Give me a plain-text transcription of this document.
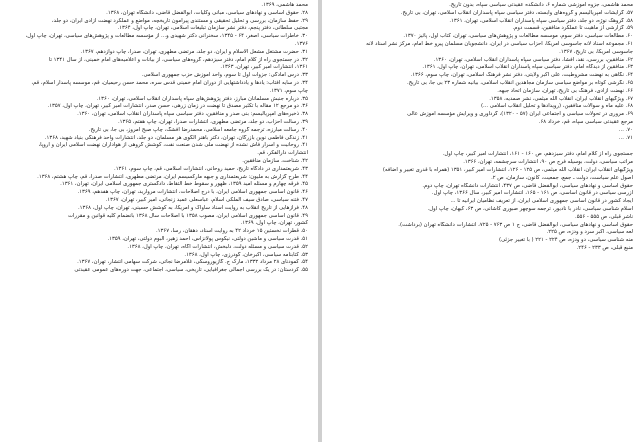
محمد هاشمی، ۱۳۶۹.
۲۸. حقوق اساسی و نهادهای سیاسی، مبانی وکلیات، ابوالفضل قاضی، دانشگاه تهران، ۱۳۶۸.
۲۹. حفظ سازمان، بررسی و تحلیل تحقیقی و مستندی پیرامون تاریخچه، مواضع و عملکرد نهضت آزادی ایران، دو جلد،
مجتبی سلطانی، دفتر پنجم، دفتر نشر سازمان تبلیغات اسلامی، تهران، چاپ اول، ۱۳۶۴.
۳۰. خاطرات سیاسی، اصغر، ۶۴ - ۱۳۴۵، سخنرانی دکتر شهیدی و... از مؤسسه مطالعات و پژوهش‌های سیاسی، تهران، چاپ اول،
۱۳۷۶.
۳۱. حضرت مشتغل مشعل الاسلام و ایران، دو جلد، مرتضی مطهری، تهران، صدرا، چاپ دوازدهم، ۱۳۶۷.
۳۲. در جستجوی راه از کلام امام، دفتر سیزدهم، گروه‌های سیاسی، از بیانات و اعلامیه‌های امام خمینی، از سال ۱۳۴۱ تا
۱۳۶۱، انتشارات امیر کبیر، تهران، ۱۳۶۳.
۳۳. درس آمادگی: جزوات اول تا سوم، واحد آموزش حزب جمهوری اسلامی.
۳۴. در سایه آفتاب: یادها و یادداشتهایی از دوران امام خمینی قدس سره، محمد حسن رحیمیان، قم، موسسه پاسدار اسلام، قم،
چاپ سوم، ۱۳۷۱.
۳۵. درباره جنبش مسلمانان مبارز، دفتر پژوهش‌های سپاه پاسداران انقلاب اسلامی، تهران، ۱۳۶۰.
۳۶. دو مرجع ۱۲ مقاله با تکثیر مصدق تا نهضت در زمان زرهی، حسن صدر، انتشارات امیر کبیر، تهران، چاپ اول، ۱۳۵۷.
۳۸. ذخیره‌های امپریالیسم: بنی صدر و منافقین، دفتر سیاسی سپاه پاسداران انقلاب اسلامی، تهران، ۱۳۶۰.
۳۹. رسالت احزاب، دو جلد، مرتضی مطهری، انتشارات صدرا، تهران، چاپ هفتم، ۱۳۶۵.
۴۰. رسالت مبارزه، ترجمه گروه جامعه اسلامی، محمدرضا افشگ، چاپ صبح امروز، بی جا، بی تاریخ.
۴۱. زندگی فاطمی نوین بازرگان، تهران، دکتر باهنر الگوی هر مسلمان، دو جلد، انتشارات واحد فرهنگی بنیاد شهید، ۱۳۶۸.
۴۱. روحانیت و اسرار فاش نشده از نهضت ملی شدن صنعت نفت، کوشش گروهی از هواداران نهضت اسلامی ایران و اروپا،
انتشارات دارالفکر، قم.
۴۲. شناخت، سازمان منافقین.
۴۳. شریعتمداری در دادگاه تاریخ، حمید روحانی، انتشارات اسلامی، قم، چاپ سوم، ۱۳۶۱.
۴۴. طرح گزارش به ملیون: شریعتمداری و جبهه مارکسیسم ایران، مرتضی مطهری، انتشارات صدرا، قم، چاپ هشتم، ۱۳۶۸.
۴۵. فرقه چهارم و مسئله امید ۱۳۵۹، ظهور و سقوط خط التقاط، دادگستری جمهوری اسلامی ایران، تهران، ۱۳۶۱.
۴۶. قانون اساسی جمهوری اسلامی ایران، با درج اصلاحات، انتشارات مروارید، تهران، چاپ هفدهم، ۱۳۶۹.
۴۷. فتنه سیاسی، صادق سیف الملکی اسلام، عباسعلی عمید زنجانی، امیر کبیر، تهران، ۱۳۶۷.
۴۸. فرازهایی از تاریخ انقلاب به روایت اسناد ساواک و آمریکا، به کوشش حسینی، تهران، چاپ اول، ۱۳۶۸.
۴۹. قانون اساسی جمهوری اسلامی ایران، مصوب ۱۳۵۸ با اصلاحات سال ۱۳۶۸ بانضمام کلیه قوانین و مقررات
کشور، تهران، چاپ اول، ۱۳۶۹.
۵۰. قطرات نخستین ۱۵ خرداد ۴۲ به روایت اسناد، دهقان، رسا، ۱۳۶۷.
۵۱. قدرت سیاسی و ماشین دولتی، نیکوس پولانزاس، احمد زهیر، آلبوم دولتی، تهران، ۱۳۵۹.
۵۲. قدرت سیاسی و مسئله دولت، دلبخش، انتشارات آگاه، تهران، چاپ اول، ۱۳۶۸.
۵۳. کتابنامه سیاسی، اکبرخان، گودرزی، چاپ اول، ۱۳۶۸.
۵۴. کمودنای ۲۸ مرداد ۱۳۳۲، مارک ج. گازیوروسکی، غلامرضا نجاتی، شرکت سهامی انتشار، تهران، ۱۳۶۷.
۵۵. کردستان: در یک بررسی اجمالی جغرافیایی، تاریخی، سیاسی، اجتماعی، جهت دوره‌های عمومی عقیدتی
محمد هاشمی، جزوه آموزشی شماره ۶، دانشکده عقیدتی سیاسی سپاه، بدون تاریخ.
۵۷. گرایشات امپریالیسم و گروه‌های وابسته، دفتر سیاسی سپاه پاسداران انقلاب اسلامی، تهران، بی تاریخ.
۵۸. گروهک نوژه، دو جلد، دفتر سیاسی سپاه پاسداران انقلاب اسلامی، تهران، ۱۳۶۱.
۵۹. گزارشی از ماهیت تا عملکرد منافقین، قسمت دوم.
۶۰. مطالعات سیاسی، دفتر سوم، موسسه مطالعات و پژوهش‌های سیاسی، تهران، کتاب اول، پائیز ۱۳۷۰.
۶۱. مجموعه اسناد لانه جاسوسی آمریکا، احزاب سیاسی در ایران، دانشجویان مسلمان پیرو خط امام، مرکز نشر اسناد لانه
جاسوسی آمریکا، بی تاریخ، ۱۳۶۷.
۶۲. منافقین، بررسی، نقد، افشا، دفتر سیاسی سپاه پاسداران انقلاب اسلامی، تهران، ۱۳۶۰.
۶۳. منافقین از دیدگاه امام، دفتر سیاسی سپاه پاسداران انقلاب اسلامی، تهران، چاپ اول، ۱۳۶۱.
۶۴. نگاهی به نهضت مشروطیت، علی اکبر ولایتی، دفتر نشر فرهنگ اسلامی، تهران، چاپ سوم، ۱۳۶۶.
۶۵. نگرشی کوتاه بر مواضع سیاسی سازمان مجاهدین انقلاب اسلامی، بیانیه شماره ۲۳ بی جا، بی تاریخ.
۶۶. نهضت آزادی، فرهنگ بی تاریخ، تهران، سازمان اتحاد جبهه.
۶۷. ویژگیهای انقلاب ایران، انقلاب الله میثمی، نشر صمدیه، ۱۳۵۸.
۶۸. علیه ماه و سوالات منافقین، (رویدادها و تحلیل انقلاب اسلامی ...)
۶۹. مروری در تحولات سیاسی و اجتماعی ایران (۵۷ - ۱۳۲۰)، گردآوری و ویرایش مؤسسه آموزش عالی
مرجع عقیدتی سیاسی سپاه، قم، خرداد ۶۸.
۷۰. ...
۷۱. ...
جستجوی راه از کلام امام، دفتر سیزدهم، ص ۱۶۰ - ۱۶۱، انتشارات امیر کبیر، چاپ اول.
مراتب سیاسی، دولت، بوسیله فرج ص ۹۰، انتشارات سرچشمه، تهران، ۱۳۶۶.
ویژگیهای انقلاب ایران، انقلاب الله میثمی، ص ۱۲۵ - ۱۲۶، انتشارات امیر کبیر، ۱۳۵۱ (همراه با قدری تغییر و اضافه)
اصول علم سیاست، دولت ـ جمع، جمعیت، کانون، سازمان، ص ۲.
حقوق اساسی و نهادهای سیاسی، ابوالفضل قاضی، ص ۴۳۷، انتشارات دانشگاه تهران، چاپ دوم.
ازرسی سیاسی در قانون اساسی، ص ۱۶۱ - ۱۶۵، انتشارات امیر کبیر، سال ۱۳۶۶، چاپ اول.
ایجاد کشور در قانون اساسی جمهوری اسلامی ایران، از تعریف نظامیان ایرانیه تا ...
اسلام شناسی سیاسی، نادر با نادیور، ترجمه سوچهر صبوری کاشانی، ص ۶۳، کیهان، چاپ اول.
ناشر قبلی، ص ۵۵۵ - ۵۵۶.
حقوق اساسی و نهادهای سیاسی، ابوالفضل قاضی، ج ۱ ص ۷۶۳ - ۷۲۵، انتشارات دانشگاه تهران (برداشت).
لعه سیاسی، اکبر سرد و ودزه، ص ۲۲۵.
منه شناسی سیاسی، دو ودزه، ص ۲۲۴ - ۲۲۱ ( با تغییر جزئی)
منبع قبلی، ص ۲۳۳ - ۲۴۶.
